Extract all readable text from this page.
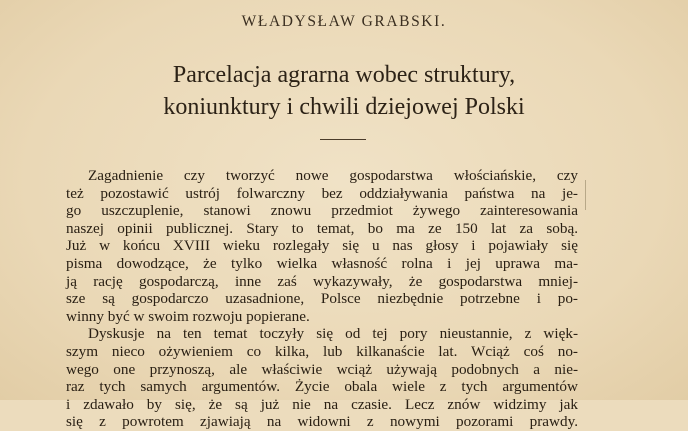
WŁADYSŁAW GRABSKI.
Parcelacja agrarna wobec struktury,
koniunktury i chwili dziejowej Polski
Zagadnienie czy tworzyć nowe gospodarstwa włościańskie, czy
też pozostawić ustrój folwarczny bez oddziaływania państwa na je-
go uszczuplenie, stanowi znowu przedmiot żywego zainteresowania
naszej opinii publicznej. Stary to temat, bo ma ze 150 lat za sobą.
Już w końcu XVIII wieku rozlegały się u nas głosy i pojawiały się
pisma dowodzące, że tylko wielka własność rolna i jej uprawa ma-
ją rację gospodarczą, inne zaś wykazywały, że gospodarstwa mniej-
sze są gospodarczo uzasadnione, Polsce niezbędnie potrzebne i po-
winny być w swoim rozwoju popierane.
Dyskusje na ten temat toczyły się od tej pory nieustannie, z więk-
szym nieco ożywieniem co kilka, lub kilkanaście lat. Wciąż coś no-
wego one przynoszą, ale właściwie wciąż używają podobnych a nie-
raz tych samych argumentów. Życie obala wiele z tych argumentów
i zdawało by się, że są już nie na czasie. Lecz znów widzimy jak
się z powrotem zjawiają na widowni z nowymi pozorami prawdy.
